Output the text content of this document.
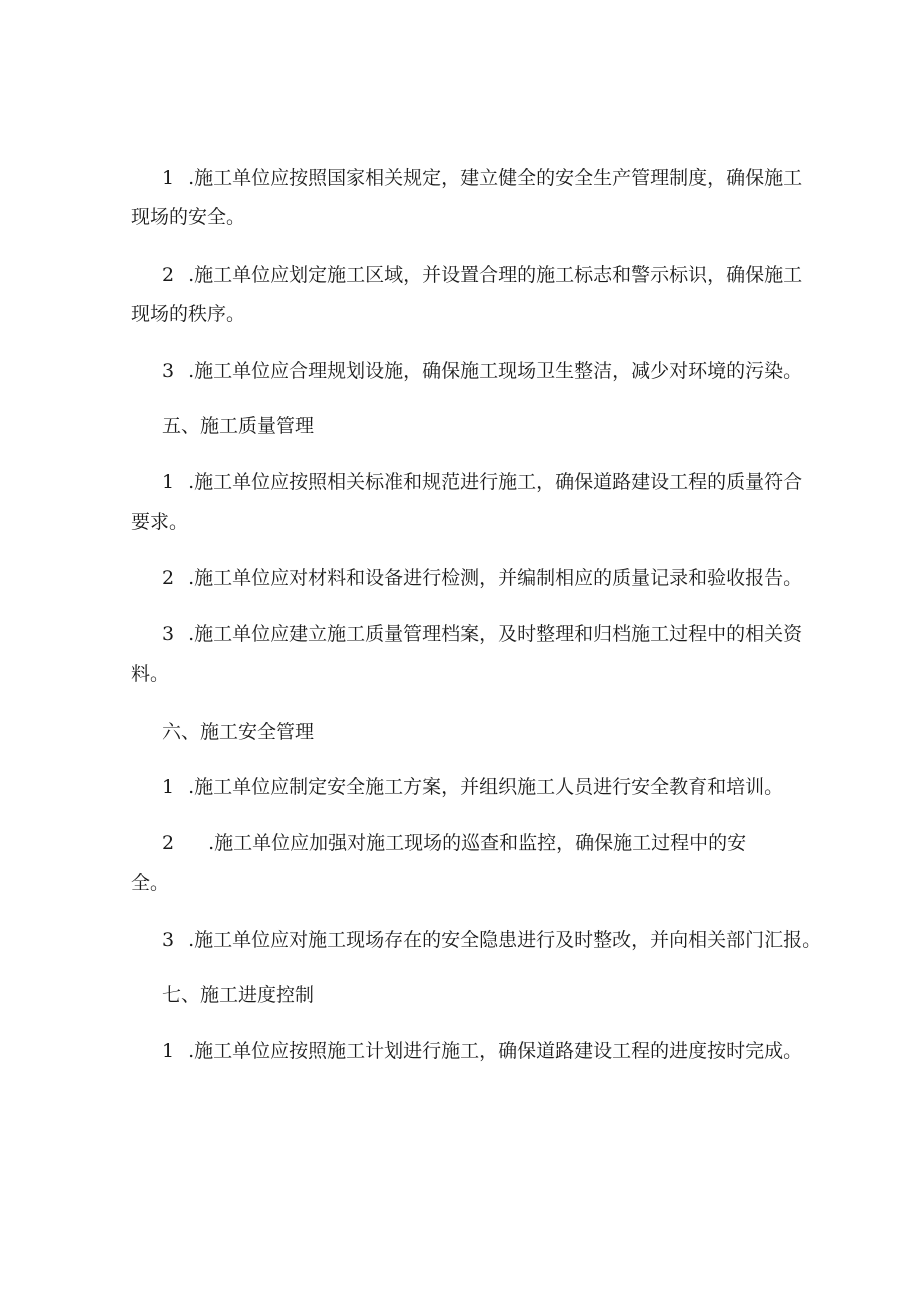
1 .施工单位应按照国家相关规定，建立健全的安全生产管理制度，确保施工
现场的安全。
2 .施工单位应划定施工区域，并设置合理的施工标志和警示标识，确保施工
现场的秩序。
3 .施工单位应合理规划设施，确保施工现场卫生整洁，减少对环境的污染。
五、施工质量管理
1 .施工单位应按照相关标准和规范进行施工，确保道路建设工程的质量符合
要求。
2 .施工单位应对材料和设备进行检测，并编制相应的质量记录和验收报告。
3 .施工单位应建立施工质量管理档案，及时整理和归档施工过程中的相关资
料。
六、施工安全管理
1 .施工单位应制定安全施工方案，并组织施工人员进行安全教育和培训。
2 .施工单位应加强对施工现场的巡查和监控，确保施工过程中的安
全。
3 .施工单位应对施工现场存在的安全隐患进行及时整改，并向相关部门汇报。
七、施工进度控制
1 .施工单位应按照施工计划进行施工，确保道路建设工程的进度按时完成。
